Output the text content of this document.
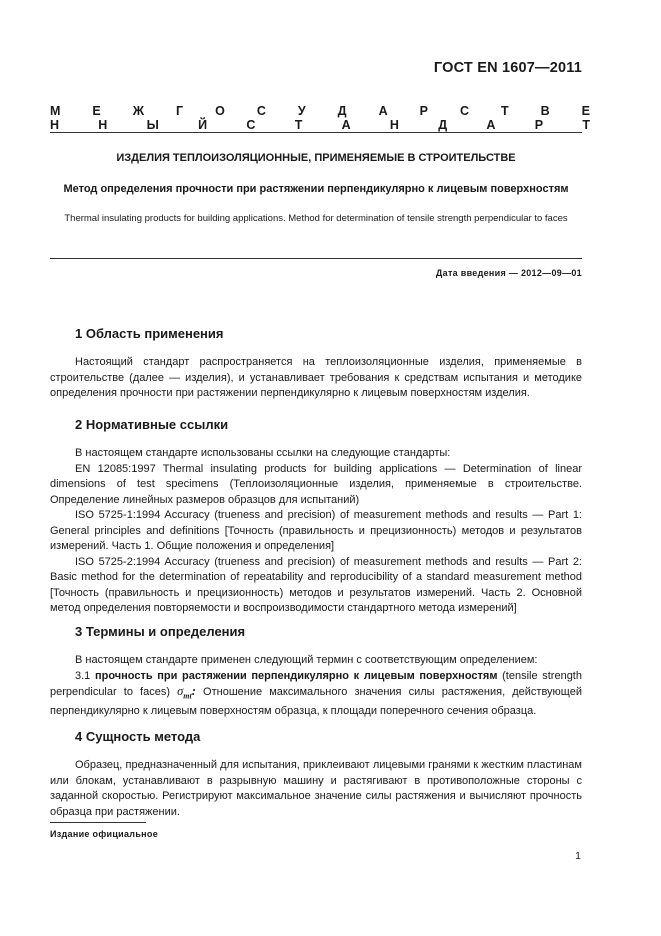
ГОСТ EN 1607—2011
М Е Ж Г О С У Д А Р С Т В Е Н Н Ы Й С Т А Н Д А Р Т
ИЗДЕЛИЯ ТЕПЛОИЗОЛЯЦИОННЫЕ, ПРИМЕНЯЕМЫЕ В СТРОИТЕЛЬСТВЕ
Метод определения прочности при растяжении перпендикулярно к лицевым поверхностям
Thermal insulating products for building applications. Method for determination of tensile strength perpendicular to faces
Дата введения — 2012—09—01
1 Область применения

Настоящий стандарт распространяется на теплоизоляционные изделия, применяемые в строительстве (далее — изделия), и устанавливает требования к средствам испытания и методике определения прочности при растяжении перпендикулярно к лицевым поверхностям изделия.

2 Нормативные ссылки

В настоящем стандарте использованы ссылки на следующие стандарты:

EN 12085:1997 Thermal insulating products for building applications — Determination of linear dimensions of test specimens (Теплоизоляционные изделия, применяемые в строительстве. Определение линейных размеров образцов для испытаний)

ISO 5725-1:1994 Accuracy (trueness and precision) of measurement methods and results — Part 1: General principles and definitions [Точность (правильность и прецизионность) методов и результатов измерений. Часть 1. Общие положения и определения]

ISO 5725-2:1994 Accuracy (trueness and precision) of measurement methods and results — Part 2: Basic method for the determination of repeatability and reproducibility of a standard measurement method [Точность (правильность и прецизионность) методов и результатов измерений. Часть 2. Основной метод определения повторяемости и воспроизводимости стандартного метода измерений]

3 Термины и определения

В настоящем стандарте применен следующий термин с соответствующим определением:

3.1 прочность при растяжении перпендикулярно к лицевым поверхностям (tensile strength perpendicular to faces) $\sigma_{mt}$: Отношение максимального значения силы растяжения, действующей перпендикулярно к лицевым поверхностям образца, к площади поперечного сечения образца.

4 Сущность метода

Образец, предназначенный для испытания, приклеивают лицевыми гранями к жестким пластинам или блокам, устанавливают в разрывную машину и растягивают в противоположные стороны с заданной скоростью. Регистрируют максимальное значение силы растяжения и вычисляют прочность образца при растяжении.

Издание официальное
1
